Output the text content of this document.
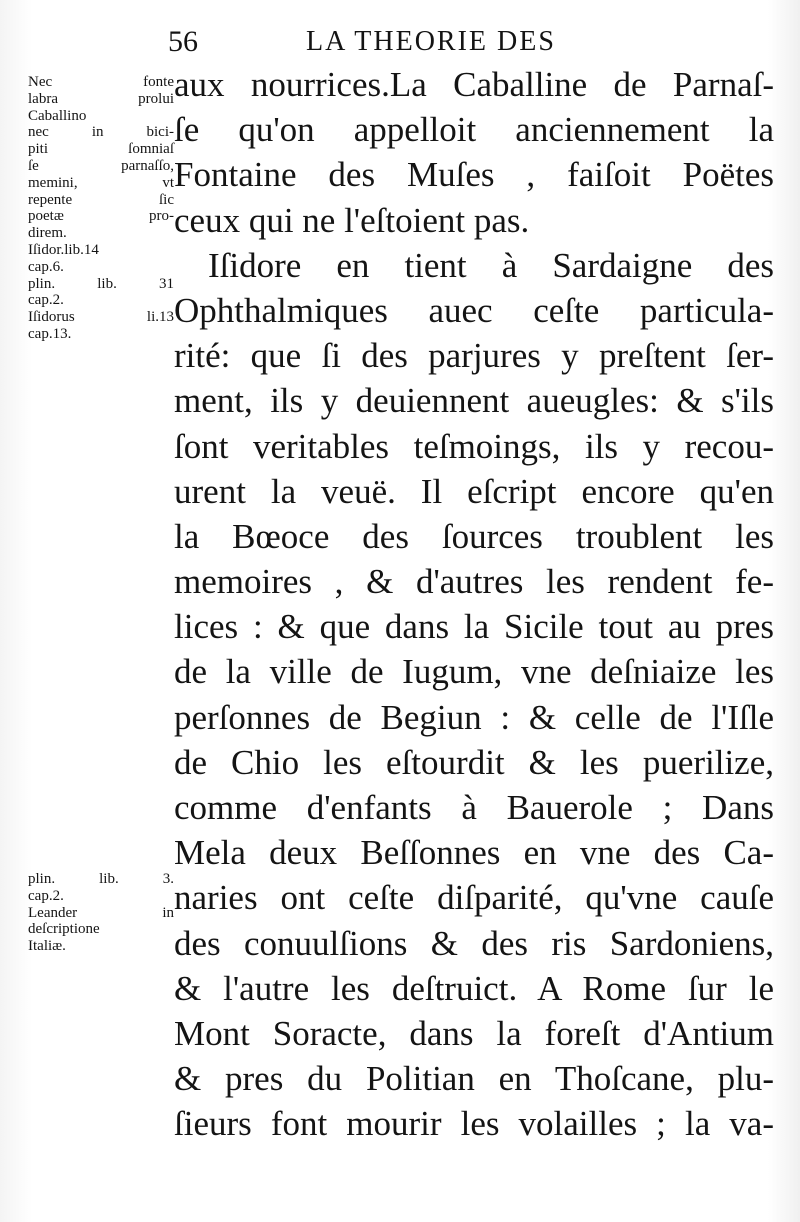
56	LA THEORIE DES
Nec fonte
labra prolui
Caballino
nec in bici-
piti ſomniaſ
ſe parnaſſo,
memini, vt
repente ſic
poetæ pro-
direm.
Iſidor.lib.14
cap.6.
plin. lib. 31
cap.2.
Iſidorus li.13
cap.13.
plin. lib. 3.
cap.2.
Leander in
deſcriptione
Italiæ.
aux nourrices.La Caballine de Parnaſ-
ſe qu'on appelloit anciennement la
Fontaine des Muſes , faiſoit Poëtes
ceux qui ne l'eſtoient pas.
Iſidore en tient à Sardaigne des
Ophthalmiques auec ceſte particula-
rité: que ſi des parjures y preſtent ſer-
ment, ils y deuiennent aueugles: & s'ils
ſont veritables teſmoings, ils y recou-
urent la veuë. Il eſcript encore qu'en
la Bœoce des ſources troublent les
memoires , & d'autres les rendent fe-
lices : & que dans la Sicile tout au pres
de la ville de Iugum, vne deſniaize les
perſonnes de Begiun : & celle de l'Iſle
de Chio les eſtourdit & les puerilize,
comme d'enfants à Bauerole ; Dans
Mela deux Beſſonnes en vne des Ca-
naries ont ceſte diſparité, qu'vne cauſe
des conuulſions & des ris Sardoniens,
& l'autre les deſtruict. A Rome ſur le
Mont Soracte, dans la foreſt d'Antium
& pres du Politian en Thoſcane, plu-
ſieurs font mourir les volailles ; la va-
